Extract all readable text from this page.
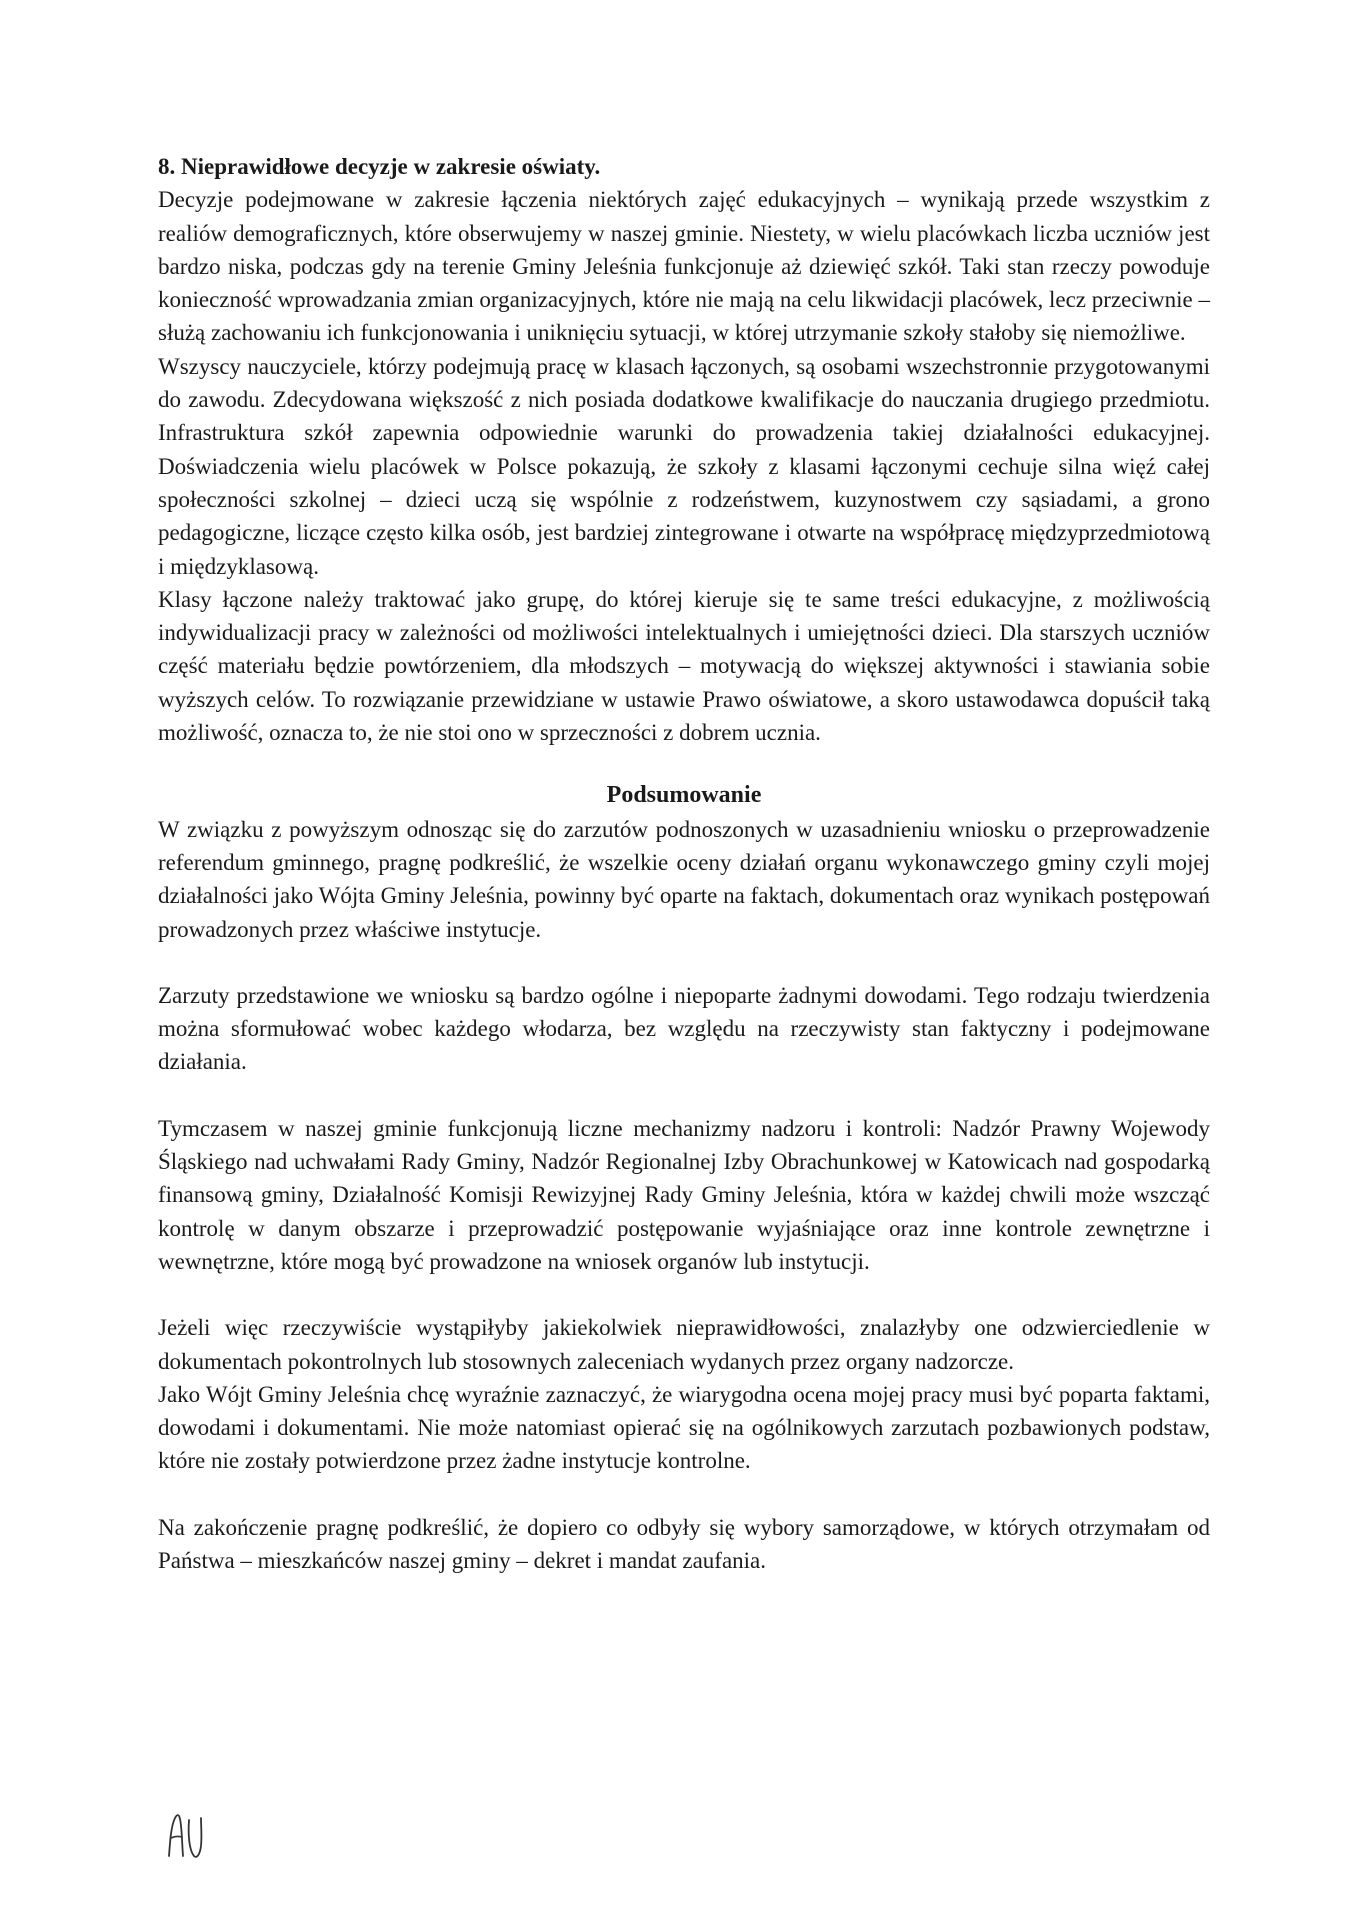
8. Nieprawidłowe decyzje w zakresie oświaty.

Decyzje podejmowane w zakresie łączenia niektórych zajęć edukacyjnych – wynikają przede wszystkim z realiów demograficznych, które obserwujemy w naszej gminie. Niestety, w wielu placówkach liczba uczniów jest bardzo niska, podczas gdy na terenie Gminy Jeleśnia funkcjonuje aż dziewięć szkół. Taki stan rzeczy powoduje konieczność wprowadzania zmian organizacyjnych, które nie mają na celu likwidacji placówek, lecz przeciwnie – służą zachowaniu ich funkcjonowania i uniknięciu sytuacji, w której utrzymanie szkoły stałoby się niemożliwe.

Wszyscy nauczyciele, którzy podejmują pracę w klasach łączonych, są osobami wszechstronnie przygotowanymi do zawodu. Zdecydowana większość z nich posiada dodatkowe kwalifikacje do nauczania drugiego przedmiotu. Infrastruktura szkół zapewnia odpowiednie warunki do prowadzenia takiej działalności edukacyjnej. Doświadczenia wielu placówek w Polsce pokazują, że szkoły z klasami łączonymi cechuje silna więź całej społeczności szkolnej – dzieci uczą się wspólnie z rodzeństwem, kuzynostwem czy sąsiadami, a grono pedagogiczne, liczące często kilka osób, jest bardziej zintegrowane i otwarte na współpracę międzyprzedmiotową i międzyklasową.

Klasy łączone należy traktować jako grupę, do której kieruje się te same treści edukacyjne, z możliwością indywidualizacji pracy w zależności od możliwości intelektualnych i umiejętności dzieci. Dla starszych uczniów część materiału będzie powtórzeniem, dla młodszych – motywacją do większej aktywności i stawiania sobie wyższych celów. To rozwiązanie przewidziane w ustawie Prawo oświatowe, a skoro ustawodawca dopuścił taką możliwość, oznacza to, że nie stoi ono w sprzeczności z dobrem ucznia.

Podsumowanie

W związku z powyższym odnosząc się do zarzutów podnoszonych w uzasadnieniu wniosku o przeprowadzenie referendum gminnego, pragnę podkreślić, że wszelkie oceny działań organu wykonawczego gminy czyli mojej działalności jako Wójta Gminy Jeleśnia, powinny być oparte na faktach, dokumentach oraz wynikach postępowań prowadzonych przez właściwe instytucje.

Zarzuty przedstawione we wniosku są bardzo ogólne i niepoparte żadnymi dowodami. Tego rodzaju twierdzenia można sformułować wobec każdego włodarza, bez względu na rzeczywisty stan faktyczny i podejmowane działania.

Tymczasem w naszej gminie funkcjonują liczne mechanizmy nadzoru i kontroli: Nadzór Prawny Wojewody Śląskiego nad uchwałami Rady Gminy, Nadzór Regionalnej Izby Obrachunkowej w Katowicach nad gospodarką finansową gminy, Działalność Komisji Rewizyjnej Rady Gminy Jeleśnia, która w każdej chwili może wszcząć kontrolę w danym obszarze i przeprowadzić postępowanie wyjaśniające oraz inne kontrole zewnętrzne i wewnętrzne, które mogą być prowadzone na wniosek organów lub instytucji.

Jeżeli więc rzeczywiście wystąpiłyby jakiekolwiek nieprawidłowości, znalazłyby one odzwierciedlenie w dokumentach pokontrolnych lub stosownych zaleceniach wydanych przez organy nadzorcze.

Jako Wójt Gminy Jeleśnia chcę wyraźnie zaznaczyć, że wiarygodna ocena mojej pracy musi być poparta faktami, dowodami i dokumentami. Nie może natomiast opierać się na ogólnikowych zarzutach pozbawionych podstaw, które nie zostały potwierdzone przez żadne instytucje kontrolne.

Na zakończenie pragnę podkreślić, że dopiero co odbyły się wybory samorządowe, w których otrzymałam od Państwa – mieszkańców naszej gminy – dekret i mandat zaufania.
